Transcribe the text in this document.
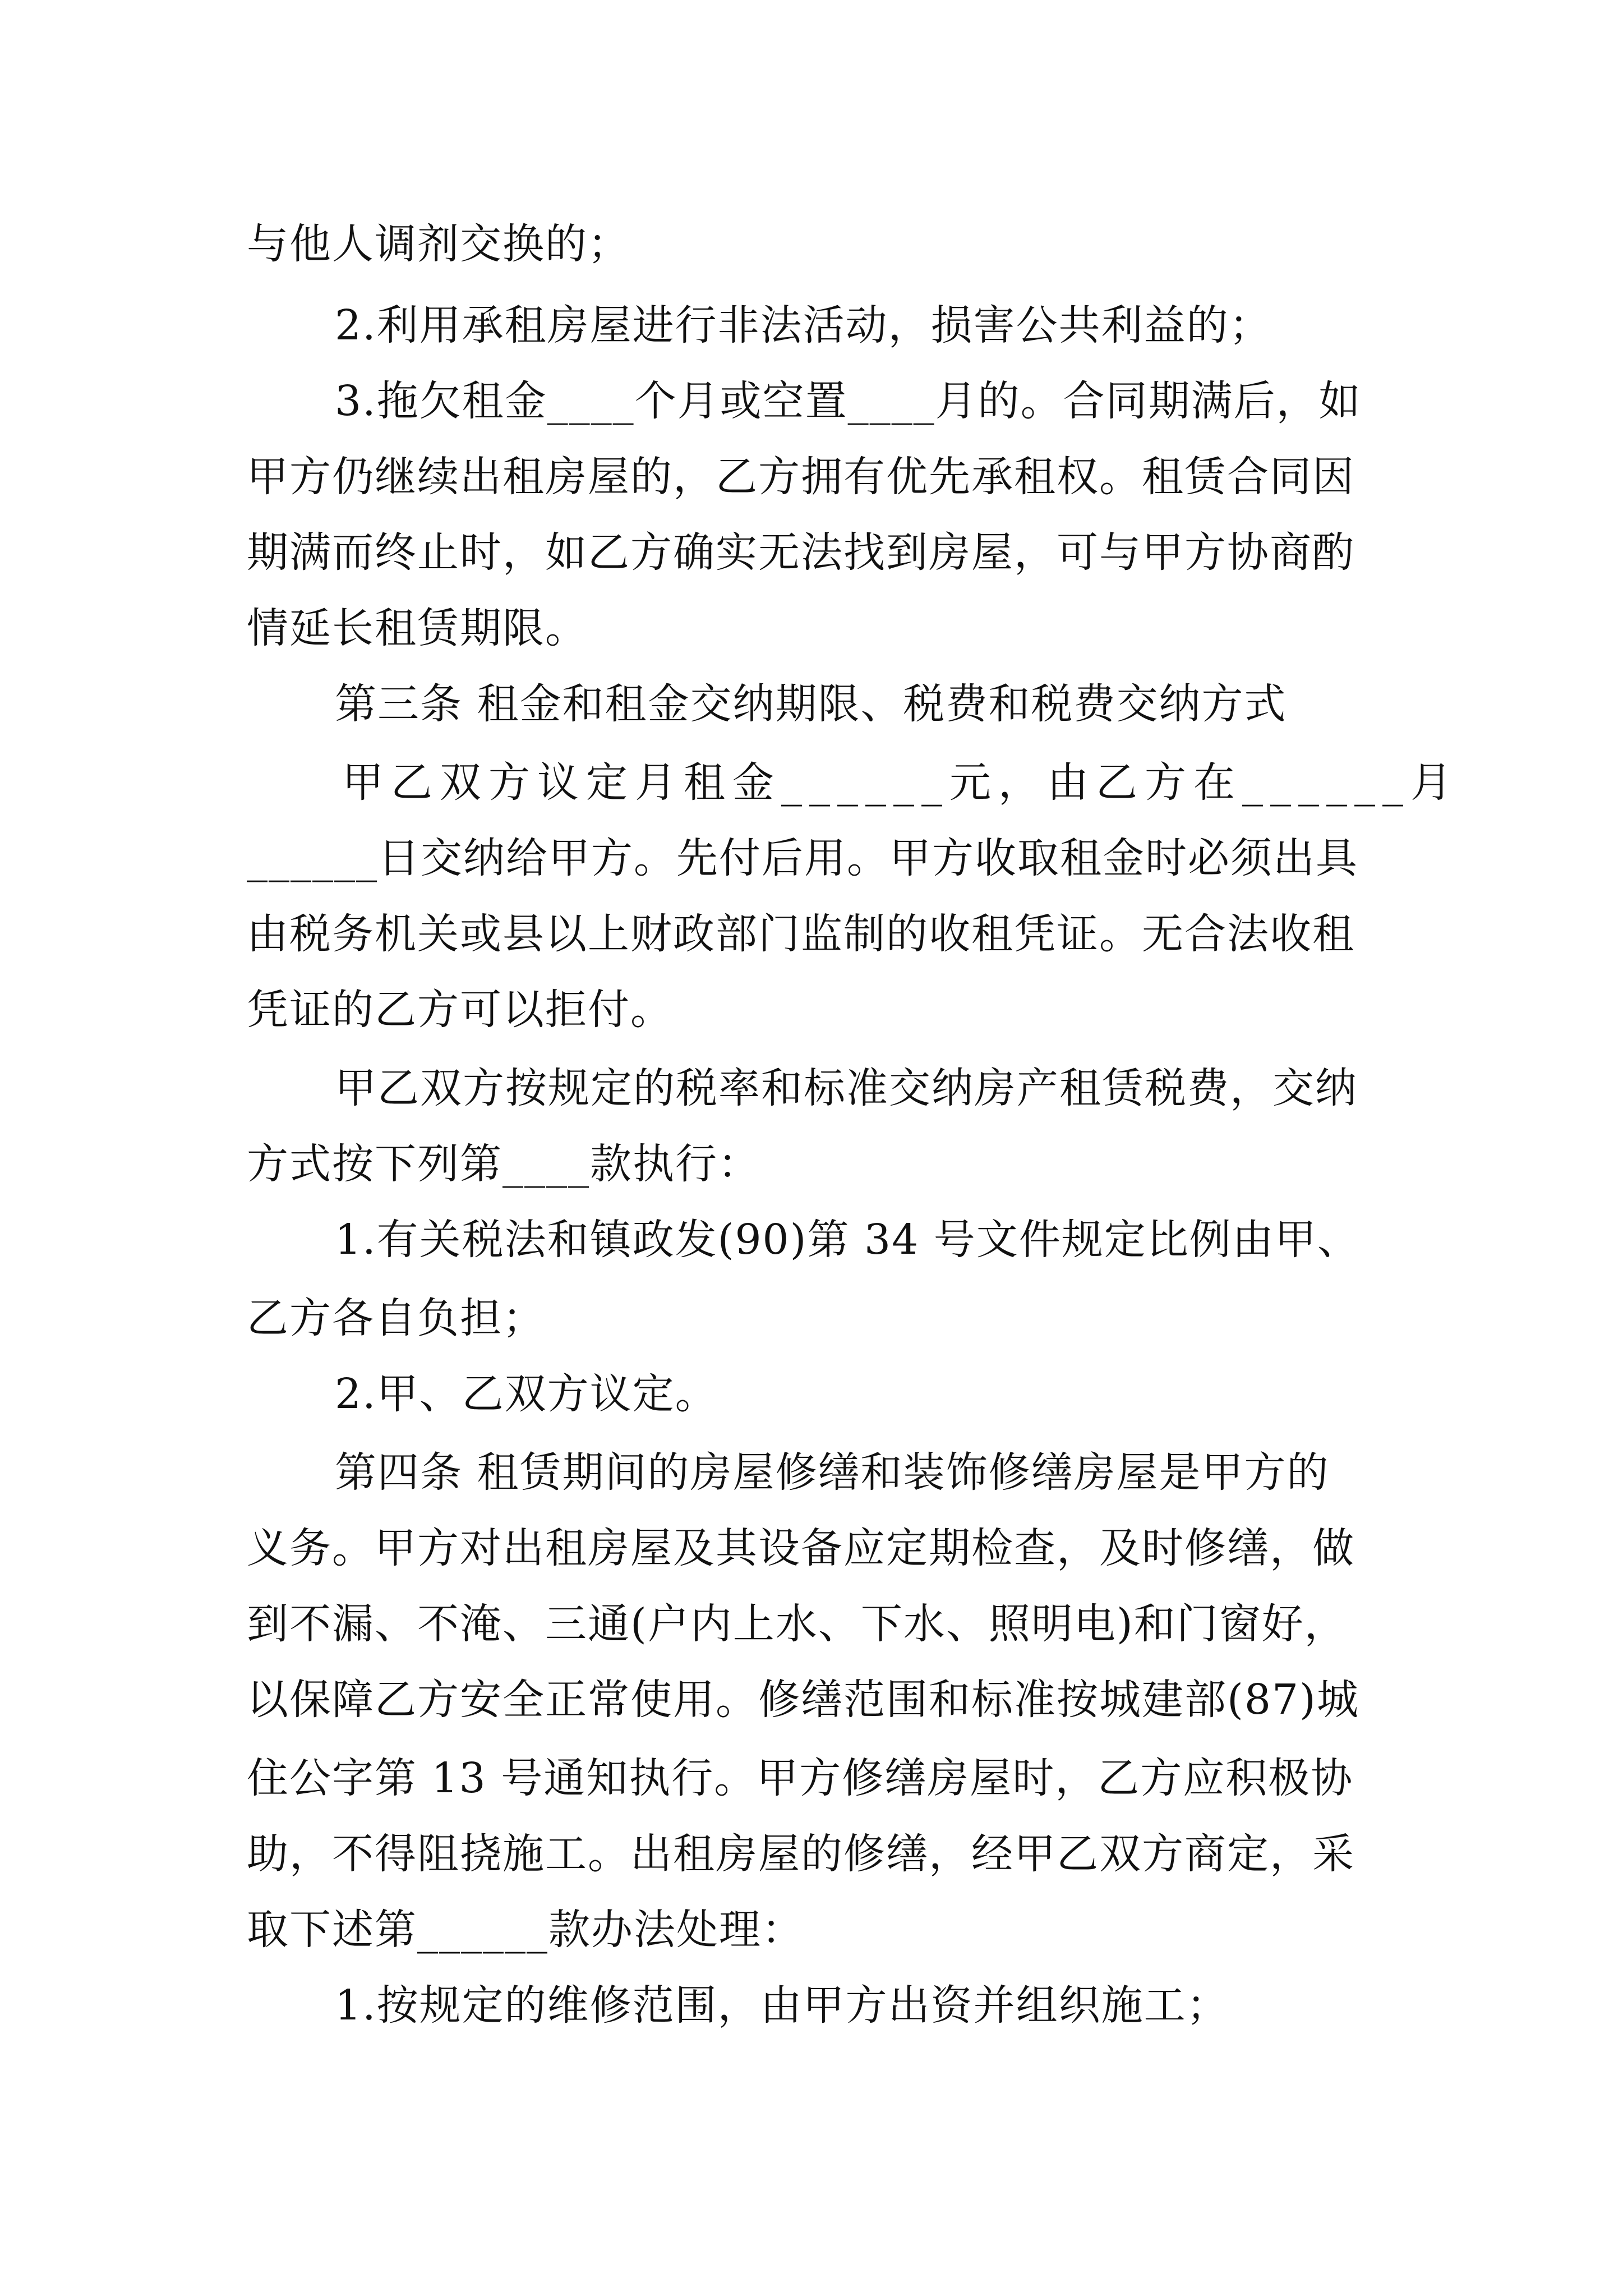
与他人调剂交换的；
2.利用承租房屋进行非法活动，损害公共利益的；
3.拖欠租金____个月或空置____月的。合同期满后，如
甲方仍继续出租房屋的，乙方拥有优先承租权。租赁合同因
期满而终止时，如乙方确实无法找到房屋，可与甲方协商酌
情延长租赁期限。
第三条 租金和租金交纳期限、税费和税费交纳方式
甲乙双方议定月租金______元，由乙方在______月
______日交纳给甲方。先付后用。甲方收取租金时必须出具
由税务机关或县以上财政部门监制的收租凭证。无合法收租
凭证的乙方可以拒付。
甲乙双方按规定的税率和标准交纳房产租赁税费，交纳
方式按下列第____款执行：
1.有关税法和镇政发(90)第 34 号文件规定比例由甲、
乙方各自负担；
2.甲、乙双方议定。
第四条 租赁期间的房屋修缮和装饰修缮房屋是甲方的
义务。甲方对出租房屋及其设备应定期检查，及时修缮，做
到不漏、不淹、三通(户内上水、下水、照明电)和门窗好，
以保障乙方安全正常使用。修缮范围和标准按城建部(87)城
住公字第 13 号通知执行。甲方修缮房屋时，乙方应积极协
助，不得阻挠施工。出租房屋的修缮，经甲乙双方商定，采
取下述第______款办法处理：
1.按规定的维修范围，由甲方出资并组织施工；
